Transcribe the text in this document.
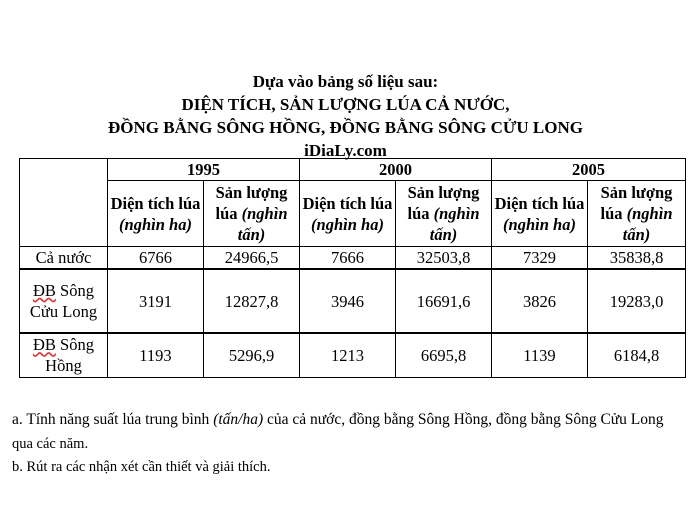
Dựa vào bảng số liệu sau:
DIỆN TÍCH, SẢN LƯỢNG LÚA CẢ NƯỚC,
ĐỒNG BẰNG SÔNG HỒNG, ĐỒNG BẰNG SÔNG CỬU LONG
iDiaLy.com
	1995		2000		2005	
	Diện tích lúa (nghìn ha)	Sản lượng lúa (nghìn tấn)	Diện tích lúa (nghìn ha)	Sản lượng lúa (nghìn tấn)	Diện tích lúa (nghìn ha)	Sản lượng lúa (nghìn tấn)
Cả nước	6766	24966,5	7666	32503,8	7329	35838,8
ĐB Sông Cửu Long	3191	12827,8	3946	16691,6	3826	19283,0
ĐB Sông Hồng	1193	5296,9	1213	6695,8	1139	6184,8
a. Tính năng suất lúa trung bình (tấn/ha) của cả nước, đồng bằng Sông Hồng, đồng bằng Sông Cửu Long qua các năm.
b. Rút ra các nhận xét cần thiết và giải thích.
